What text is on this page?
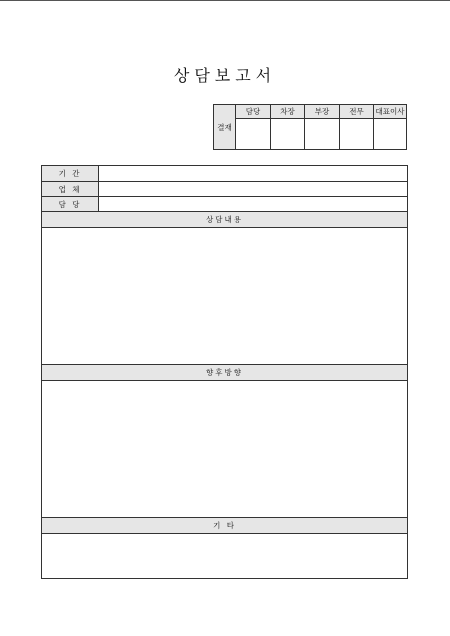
상담보고서
결재
담당	차장	부장	전무	대표이사
기 간
업 체
담 당
상담내용
향후방향
기 타
